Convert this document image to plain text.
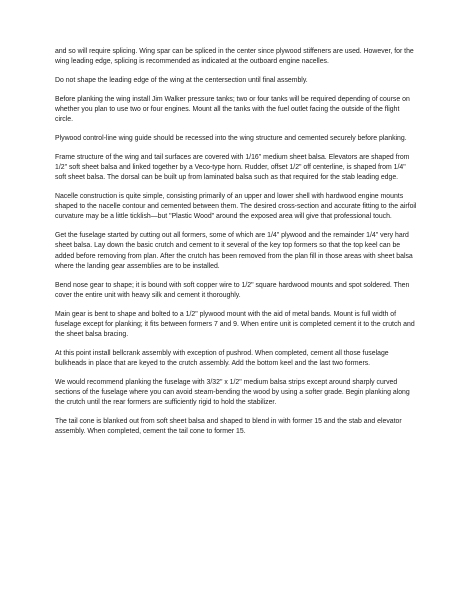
and so will require splicing. Wing spar can be spliced in the center since plywood stiffeners are used. However, for the wing leading edge, splicing is recommended as indicated at the outboard engine nacelles.

Do not shape the leading edge of the wing at the centersection until final assembly.

Before planking the wing install Jim Walker pressure tanks; two or four tanks will be required depending of course on whether you plan to use two or four engines. Mount all the tanks with the fuel outlet facing the outside of the flight circle.

Plywood control-line wing guide should be recessed into the wing structure and cemented securely before planking.

Frame structure of the wing and tail surfaces are covered with 1/16" medium sheet balsa. Elevators are shaped from 1/2" soft sheet balsa and linked together by a Veco-type horn. Rudder, offset 1/2" off centerline, is shaped from 1/4" soft sheet balsa. The dorsal can be built up from laminated balsa such as that required for the stab leading edge.

Nacelle construction is quite simple, consisting primarily of an upper and lower shell with hardwood engine mounts shaped to the nacelle contour and cemented between them. The desired cross-section and accurate fitting to the airfoil curvature may be a little ticklish—but "Plastic Wood" around the exposed area will give that professional touch.

Get the fuselage started by cutting out all formers, some of which are 1/4" plywood and the remainder 1/4" very hard sheet balsa. Lay down the basic crutch and cement to it several of the key top formers so that the top keel can be added before removing from plan. After the crutch has been removed from the plan fill in those areas with sheet balsa where the landing gear assemblies are to be installed.

Bend nose gear to shape; it is bound with soft copper wire to 1/2" square hardwood mounts and spot soldered. Then cover the entire unit with heavy silk and cement it thoroughly.

Main gear is bent to shape and bolted to a 1/2" plywood mount with the aid of metal bands. Mount is full width of fuselage except for planking; it fits between formers 7 and 9. When entire unit is completed cement it to the crutch and the sheet balsa bracing.

At this point install bellcrank assembly with exception of pushrod. When completed, cement all those fuselage bulkheads in place that are keyed to the crutch assembly. Add the bottom keel and the last two formers.

We would recommend planking the fuselage with 3/32" x 1/2" medium balsa strips except around sharply curved sections of the fuselage where you can avoid steam-bending the wood by using a softer grade. Begin planking along the crutch until the rear formers are sufficiently rigid to hold the stabilizer.

The tail cone is blanked out from soft sheet balsa and shaped to blend in with former 15 and the stab and elevator assembly. When completed, cement the tail cone to former 15.
